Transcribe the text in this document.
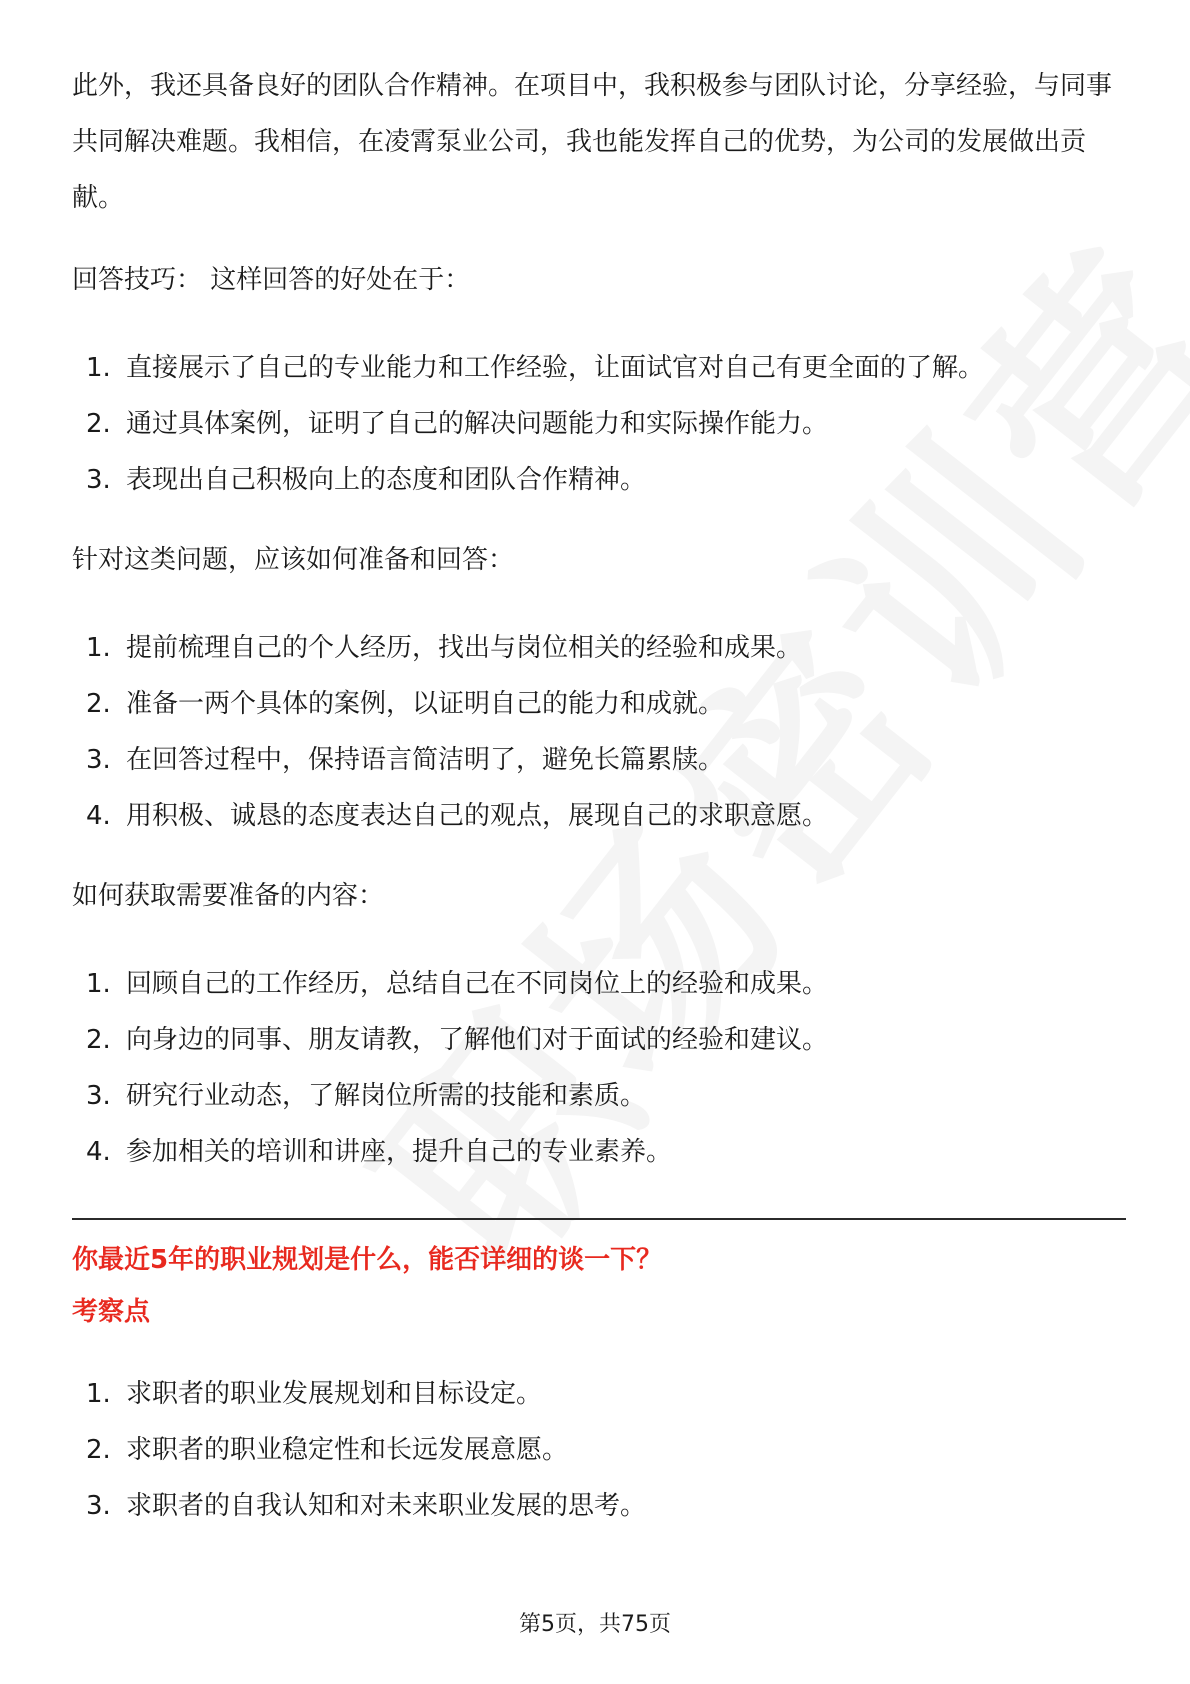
此外，我还具备良好的团队合作精神。在项目中，我积极参与团队讨论，分享经验，与同事共同解决难题。我相信，在凌霄泵业公司，我也能发挥自己的优势，为公司的发展做出贡献。

回答技巧： 这样回答的好处在于：

1. 直接展示了自己的专业能力和工作经验，让面试官对自己有更全面的了解。
2. 通过具体案例，证明了自己的解决问题能力和实际操作能力。
3. 表现出自己积极向上的态度和团队合作精神。

针对这类问题，应该如何准备和回答：

1. 提前梳理自己的个人经历，找出与岗位相关的经验和成果。
2. 准备一两个具体的案例，以证明自己的能力和成就。
3. 在回答过程中，保持语言简洁明了，避免长篇累牍。
4. 用积极、诚恳的态度表达自己的观点，展现自己的求职意愿。

如何获取需要准备的内容：

1. 回顾自己的工作经历，总结自己在不同岗位上的经验和成果。
2. 向身边的同事、朋友请教，了解他们对于面试的经验和建议。
3. 研究行业动态，了解岗位所需的技能和素质。
4. 参加相关的培训和讲座，提升自己的专业素养。

你最近5年的职业规划是什么，能否详细的谈一下？

考察点

1. 求职者的职业发展规划和目标设定。
2. 求职者的职业稳定性和长远发展意愿。
3. 求职者的自我认知和对未来职业发展的思考。
第5页，共75页
